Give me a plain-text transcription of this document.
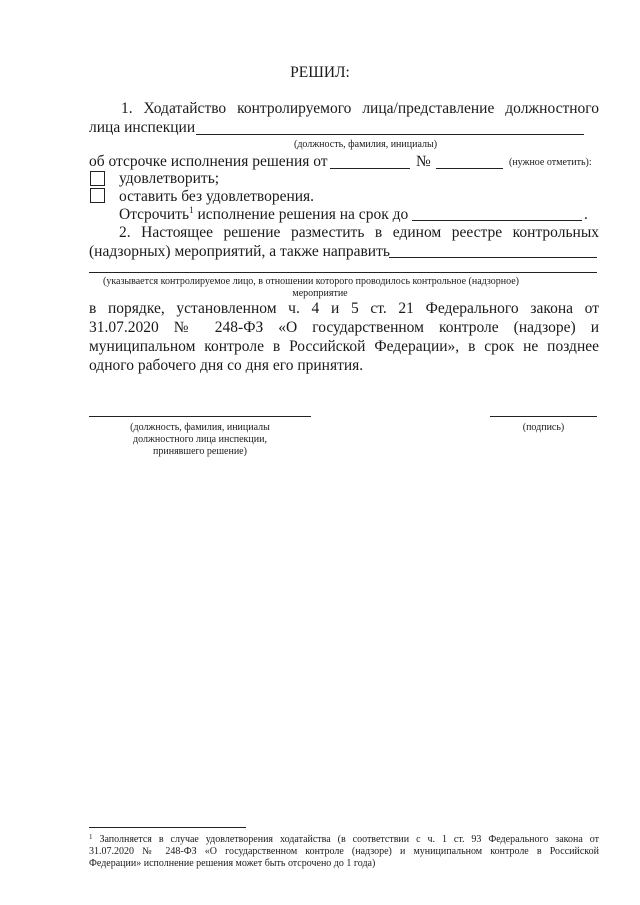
РЕШИЛ:
1. Ходатайство контролируемого лица/представление должностного
лица инспекции
(должность, фамилия, инициалы)
об отсрочке исполнения решения от	№	(нужное отметить):
удовлетворить;
оставить без удовлетворения.
Отсрочить$^1$ исполнение решения на срок до	.
2. Настоящее решение разместить в едином реестре контрольных
(надзорных) мероприятий, а также направить
(указывается контролируемое лицо, в отношении которого проводилось контрольное (надзорное)
мероприятие
в порядке, установленном ч. 4 и 5 ст. 21 Федерального закона от
31.07.2020 № 248-ФЗ «О государственном контроле (надзоре) и
муниципальном контроле в Российской Федерации», в срок не позднее
одного рабочего дня со дня его принятия.
(должность, фамилия, инициалы
должностного лица инспекции,
принявшего решение)
(подпись)
$^1$ Заполняется в случае удовлетворения ходатайства (в соответствии с ч. 1 ст. 93 Федерального закона от
31.07.2020 № 248-ФЗ «О государственном контроле (надзоре) и муниципальном контроле в Российской
Федерации» исполнение решения может быть отсрочено до 1 года)
